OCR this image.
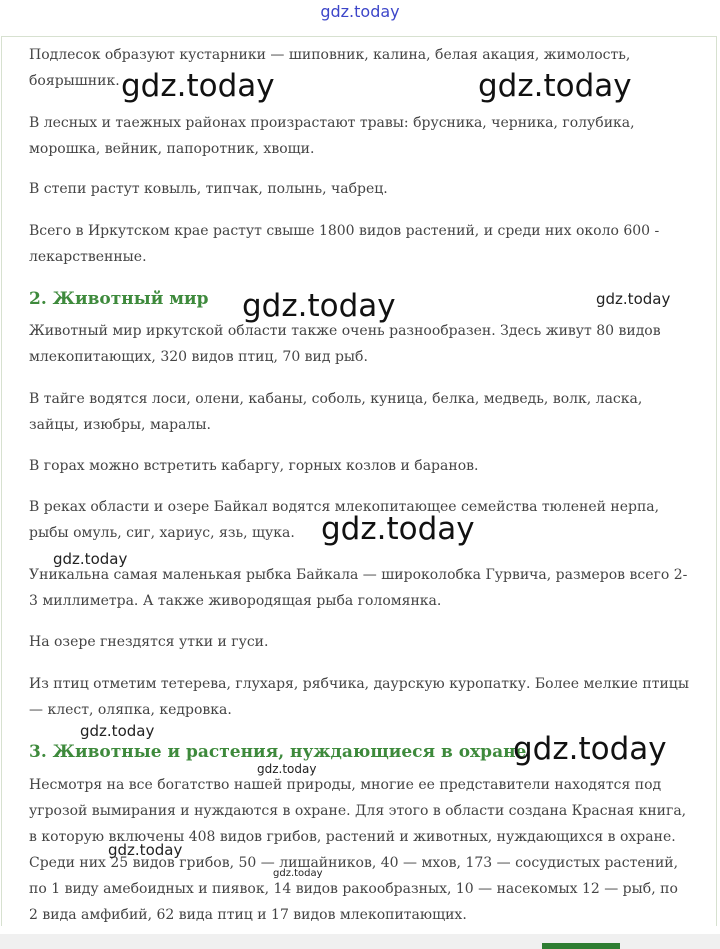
gdz.today

Подлесок образуют кустарники — шиповник, калина, белая акация, жимолость, боярышник.

В лесных и таежных районах произрастают травы: брусника, черника, голубика, морошка, вейник, папоротник, хвощи.

В степи растут ковыль, типчак, полынь, чабрец.

Всего в Иркутском крае растут свыше 1800 видов растений, и среди них около 600 - лекарственные.

2. Животный мир

Животный мир иркутской области также очень разнообразен. Здесь живут 80 видов млекопитающих, 320 видов птиц, 70 вид рыб.

В тайге водятся лоси, олени, кабаны, соболь, куница, белка, медведь, волк, ласка, зайцы, изюбры, маралы.

В горах можно встретить кабаргу, горных козлов и баранов.

В реках области и озере Байкал водятся млекопитающее семейства тюленей нерпа, рыбы омуль, сиг, хариус, язь, щука.

Уникальна самая маленькая рыбка Байкала — широколобка Гурвича, размеров всего 2-3 миллиметра. А также живородящая рыба голомянка.

На озере гнездятся утки и гуси.

Из птиц отметим тетерева, глухаря, рябчика, даурскую куропатку. Более мелкие птицы — клест, оляпка, кедровка.

3. Животные и растения, нуждающиеся в охране

Несмотря на все богатство нашей природы, многие ее представители находятся под угрозой вымирания и нуждаются в охране. Для этого в области создана Красная книга, в которую включены 408 видов грибов, растений и животных, нуждающихся в охране. Среди них 25 видов грибов, 50 — лишайников, 40 — мхов, 173 — сосудистых растений, по 1 виду амебоидных и пиявок, 14 видов ракообразных, 10 — насекомых 12 — рыб, по 2 вида амфибий, 62 вида птиц и 17 видов млекопитающих.

gdz.today	gdz.today
gdz.today	gdz.today
gdz.today
gdz.today
gdz.today	gdz.today
gdz.today
gdz.today
gdz.today
